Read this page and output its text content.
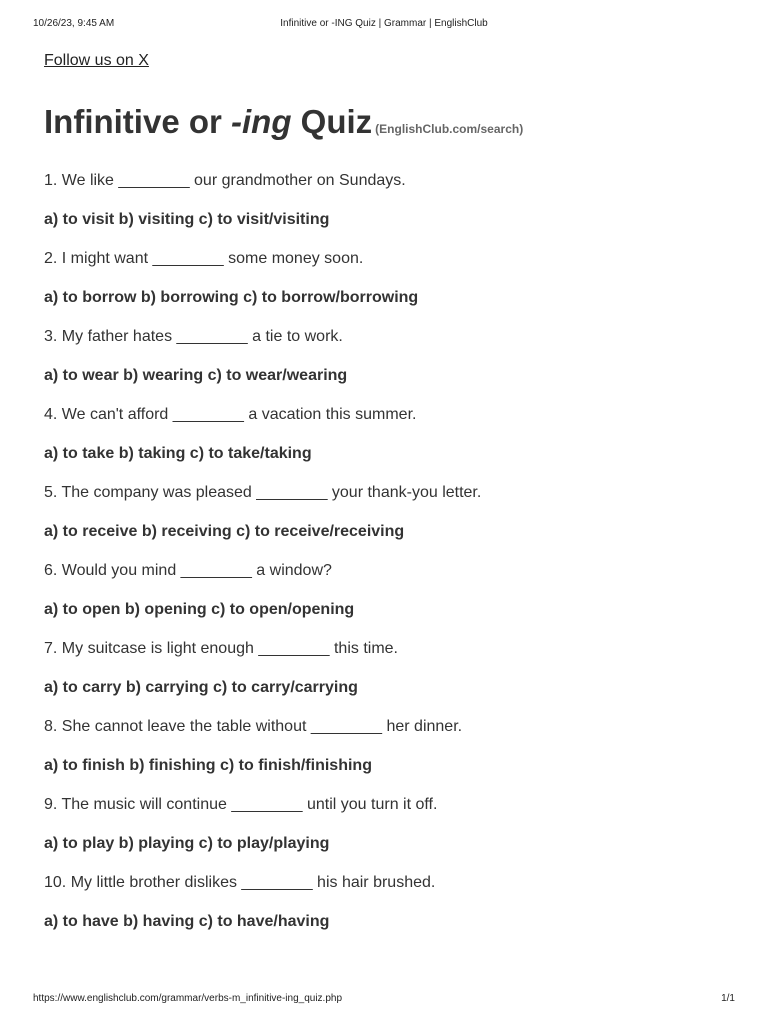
10/26/23, 9:45 AM	Infinitive or -ING Quiz | Grammar | EnglishClub
Follow us on X
Infinitive or -ing Quiz (EnglishClub.com/search)
1. We like ________ our grandmother on Sundays.
a) to visit b) visiting c) to visit/visiting
2. I might want ________ some money soon.
a) to borrow b) borrowing c) to borrow/borrowing
3. My father hates ________ a tie to work.
a) to wear b) wearing c) to wear/wearing
4. We can't afford ________ a vacation this summer.
a) to take b) taking c) to take/taking
5. The company was pleased ________ your thank-you letter.
a) to receive b) receiving c) to receive/receiving
6. Would you mind ________ a window?
a) to open b) opening c) to open/opening
7. My suitcase is light enough ________ this time.
a) to carry b) carrying c) to carry/carrying
8. She cannot leave the table without ________ her dinner.
a) to finish b) finishing c) to finish/finishing
9. The music will continue ________ until you turn it off.
a) to play b) playing c) to play/playing
10. My little brother dislikes ________ his hair brushed.
a) to have b) having c) to have/having
https://www.englishclub.com/grammar/verbs-m_infinitive-ing_quiz.php	1/1
